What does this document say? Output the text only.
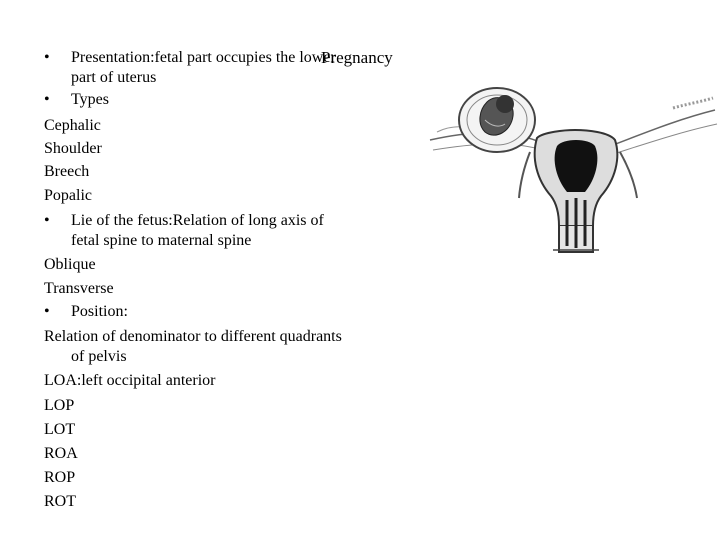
• Presentation:fetal part occupies the lower
part of uterus
Pregnancy
• Types
Cephalic
Shoulder
Breech
Popalic
• Lie of the fetus:Relation of long axis of
fetal spine to maternal spine
Oblique
Transverse
• Position:
Relation of denominator to different quadrants
of pelvis
LOA:left occipital anterior
LOP
LOT
ROA
ROP
ROT
